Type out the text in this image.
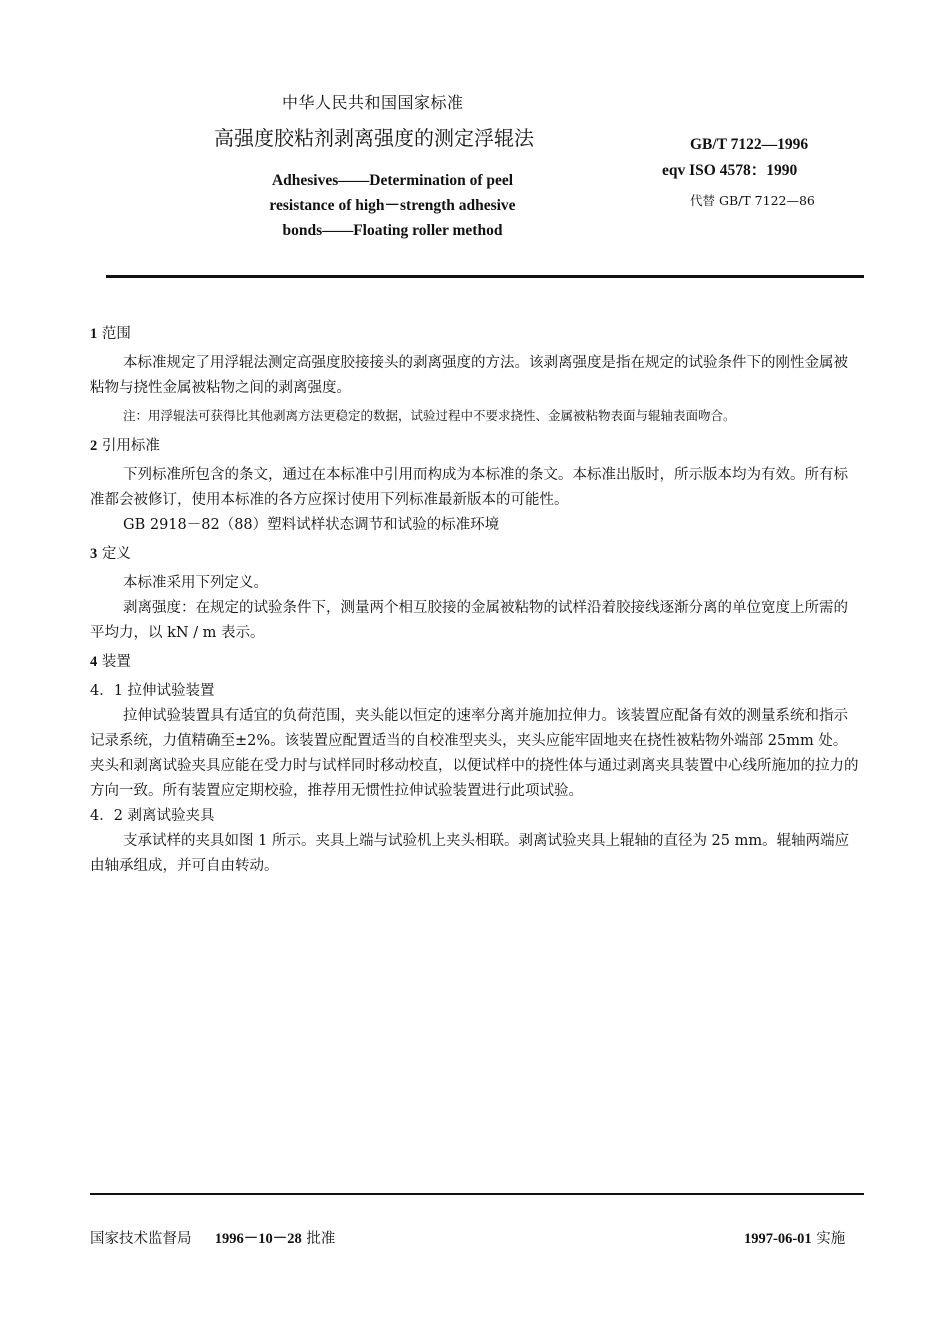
中华人民共和国国家标准
高强度胶粘剂剥离强度的测定浮辊法
Adhesives——Determination of peel
resistance of high－strength adhesive
bonds——Floating roller method
GB/T 7122—1996
eqv ISO 4578：1990
代替 GB/T 7122—86

1 范围

本标准规定了用浮辊法测定高强度胶接接头的剥离强度的方法。该剥离强度是指在规定的试验条件下的刚性金属被粘物与挠性金属被粘物之间的剥离强度。

注：用浮辊法可获得比其他剥离方法更稳定的数据，试验过程中不要求挠性、金属被粘物表面与辊轴表面吻合。

2 引用标准

下列标准所包含的条文，通过在本标准中引用而构成为本标准的条文。本标准出版时，所示版本均为有效。所有标准都会被修订，使用本标准的各方应探讨使用下列标准最新版本的可能性。

GB 2918－82（88）塑料试样状态调节和试验的标准环境

3 定义

本标准采用下列定义。

剥离强度：在规定的试验条件下，测量两个相互胶接的金属被粘物的试样沿着胶接线逐渐分离的单位宽度上所需的平均力，以 kN / m 表示。

4 装置

4．1 拉伸试验装置

拉伸试验装置具有适宜的负荷范围，夹头能以恒定的速率分离并施加拉伸力。该装置应配备有效的测量系统和指示记录系统，力值精确至±2%。该装置应配置适当的自校准型夹头，夹头应能牢固地夹在挠性被粘物外端部 25mm 处。夹头和剥离试验夹具应能在受力时与试样同时移动校直，以便试样中的挠性体与通过剥离夹具装置中心线所施加的拉力的方向一致。所有装置应定期校验，推荐用无惯性拉伸试验装置进行此项试验。

4．2 剥离试验夹具

支承试样的夹具如图 1 所示。夹具上端与试验机上夹头相联。剥离试验夹具上辊轴的直径为 25 mm。辊轴两端应由轴承组成，并可自由转动。

国家技术监督局 1996－10－28 批准	1997-06-01 实施
